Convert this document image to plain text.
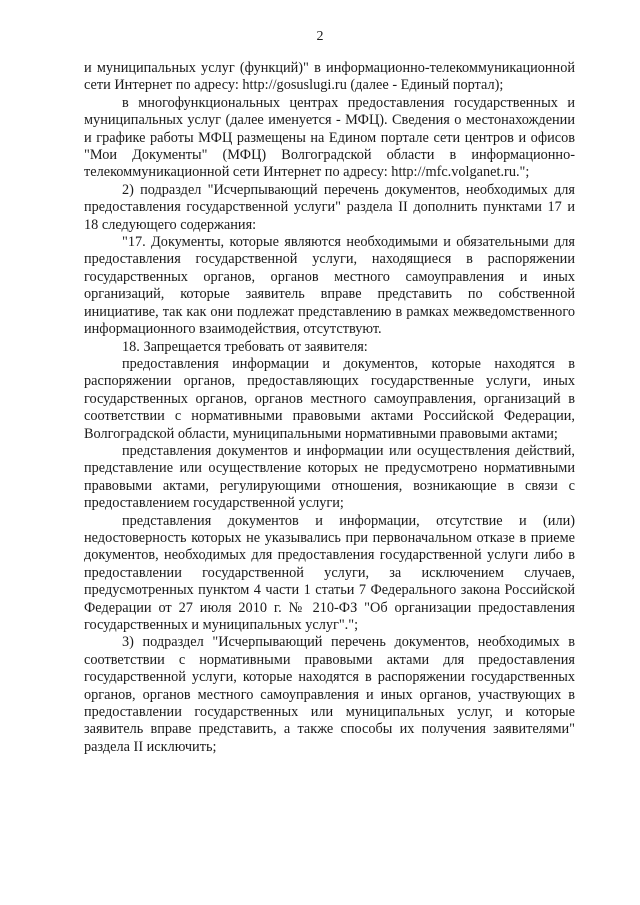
2

и муниципальных услуг (функций)" в информационно-телекоммуникационной сети Интернет по адресу: http://gosuslugi.ru (далее - Единый портал);

в многофункциональных центрах предоставления государственных и муниципальных услуг (далее именуется - МФЦ). Сведения о местонахождении и графике работы МФЦ размещены на Едином портале сети центров и офисов "Мои Документы" (МФЦ) Волгоградской области в информационно-телекоммуникационной сети Интернет по адресу: http://mfc.volganet.ru.";

2) подраздел "Исчерпывающий перечень документов, необходимых для предоставления государственной услуги" раздела II дополнить пунктами 17 и 18 следующего содержания:

"17. Документы, которые являются необходимыми и обязательными для предоставления государственной услуги, находящиеся в распоряжении государственных органов, органов местного самоуправления и иных организаций, которые заявитель вправе представить по собственной инициативе, так как они подлежат представлению в рамках межведомственного информационного взаимодействия, отсутствуют.

18. Запрещается требовать от заявителя:

предоставления информации и документов, которые находятся в распоряжении органов, предоставляющих государственные услуги, иных государственных органов, органов местного самоуправления, организаций в соответствии с нормативными правовыми актами Российской Федерации, Волгоградской области, муниципальными нормативными правовыми актами;

представления документов и информации или осуществления действий, представление или осуществление которых не предусмотрено нормативными правовыми актами, регулирующими отношения, возникающие в связи с предоставлением государственной услуги;

представления документов и информации, отсутствие и (или) недостоверность которых не указывались при первоначальном отказе в приеме документов, необходимых для предоставления государственной услуги либо в предоставлении государственной услуги, за исключением случаев, предусмотренных пунктом 4 части 1 статьи 7 Федерального закона Российской Федерации от 27 июля 2010 г. № 210-ФЗ "Об организации предоставления государственных и муниципальных услуг".";

3) подраздел "Исчерпывающий перечень документов, необходимых в соответствии с нормативными правовыми актами для предоставления государственной услуги, которые находятся в распоряжении государственных органов, органов местного самоуправления и иных органов, участвующих в предоставлении государственных или муниципальных услуг, и которые заявитель вправе представить, а также способы их получения заявителями" раздела II исключить;
